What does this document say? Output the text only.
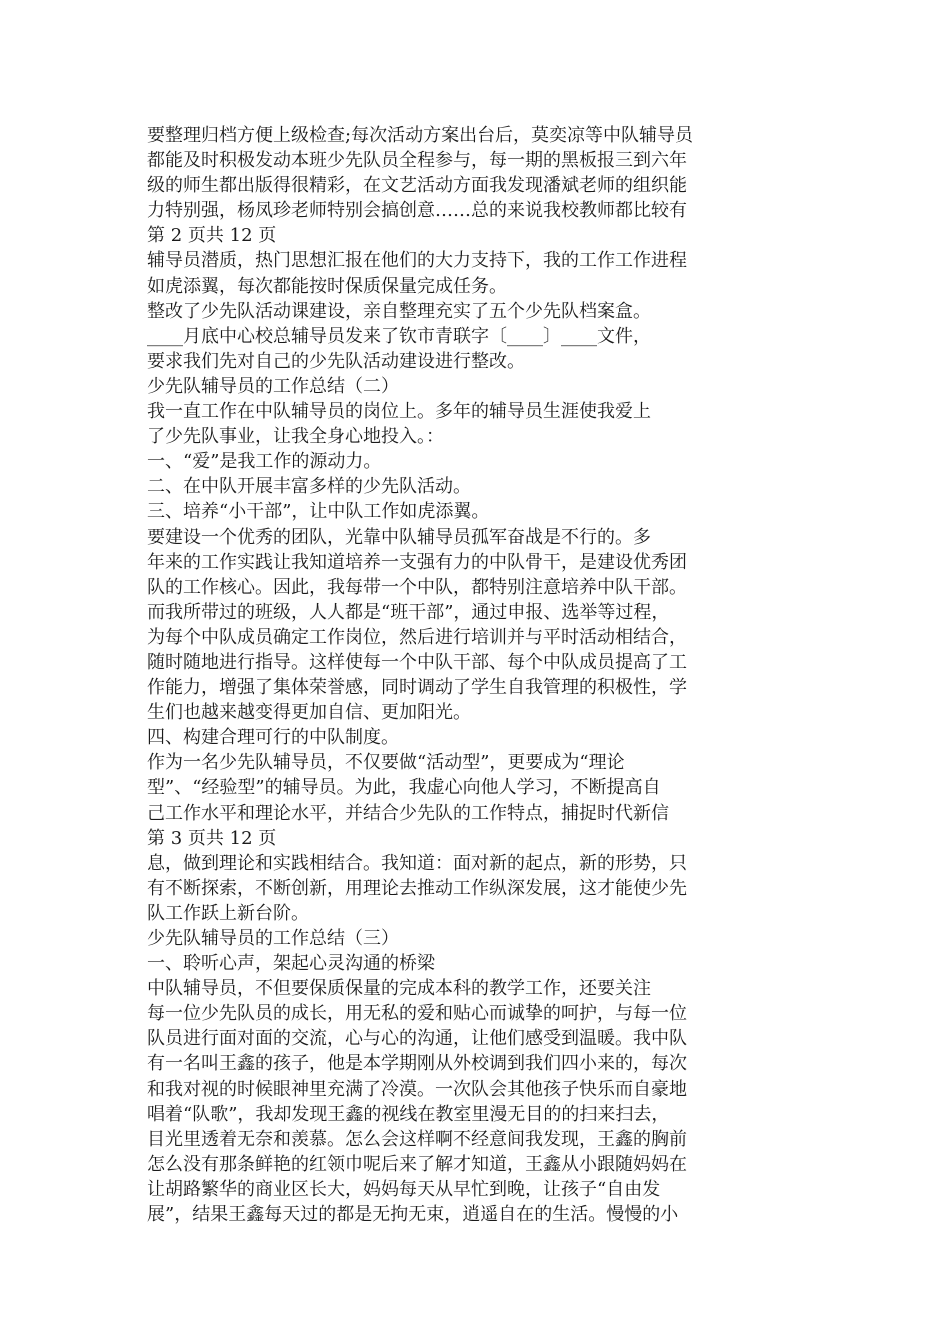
要整理归档方便上级检查;每次活动方案出台后，莫奕凉等中队辅导员
都能及时积极发动本班少先队员全程参与，每一期的黑板报三到六年
级的师生都出版得很精彩，在文艺活动方面我发现潘斌老师的组织能
力特别强，杨凤珍老师特别会搞创意……总的来说我校教师都比较有
第 2 页共 12 页
辅导员潜质，热门思想汇报在他们的大力支持下，我的工作工作进程
如虎添翼，每次都能按时保质保量完成任务。
整改了少先队活动课建设，亲自整理充实了五个少先队档案盒。
____月底中心校总辅导员发来了钦市青联字〔____〕____文件，
要求我们先对自己的少先队活动建设进行整改。
少先队辅导员的工作总结（二）
我一直工作在中队辅导员的岗位上。多年的辅导员生涯使我爱上
了少先队事业，让我全身心地投入。：
一、“爱”是我工作的源动力。
二、在中队开展丰富多样的少先队活动。
三、培养“小干部”，让中队工作如虎添翼。
要建设一个优秀的团队，光靠中队辅导员孤军奋战是不行的。多
年来的工作实践让我知道培养一支强有力的中队骨干，是建设优秀团
队的工作核心。因此，我每带一个中队，都特别注意培养中队干部。
而我所带过的班级，人人都是“班干部”，通过申报、选举等过程，
为每个中队成员确定工作岗位，然后进行培训并与平时活动相结合，
随时随地进行指导。这样使每一个中队干部、每个中队成员提高了工
作能力，增强了集体荣誉感，同时调动了学生自我管理的积极性，学
生们也越来越变得更加自信、更加阳光。
四、构建合理可行的中队制度。
作为一名少先队辅导员，不仅要做“活动型”，更要成为“理论
型”、“经验型”的辅导员。为此，我虚心向他人学习，不断提高自
己工作水平和理论水平，并结合少先队的工作特点，捕捉时代新信
第 3 页共 12 页
息，做到理论和实践相结合。我知道：面对新的起点，新的形势，只
有不断探索，不断创新，用理论去推动工作纵深发展，这才能使少先
队工作跃上新台阶。
少先队辅导员的工作总结（三）
一、聆听心声，架起心灵沟通的桥梁
中队辅导员，不但要保质保量的完成本科的教学工作，还要关注
每一位少先队员的成长，用无私的爱和贴心而诚挚的呵护，与每一位
队员进行面对面的交流，心与心的沟通，让他们感受到温暖。我中队
有一名叫王鑫的孩子，他是本学期刚从外校调到我们四小来的，每次
和我对视的时候眼神里充满了冷漠。一次队会其他孩子快乐而自豪地
唱着“队歌”，我却发现王鑫的视线在教室里漫无目的的扫来扫去，
目光里透着无奈和羡慕。怎么会这样啊不经意间我发现，王鑫的胸前
怎么没有那条鲜艳的红领巾呢后来了解才知道，王鑫从小跟随妈妈在
让胡路繁华的商业区长大，妈妈每天从早忙到晚，让孩子“自由发
展”，结果王鑫每天过的都是无拘无束，逍遥自在的生活。慢慢的小
